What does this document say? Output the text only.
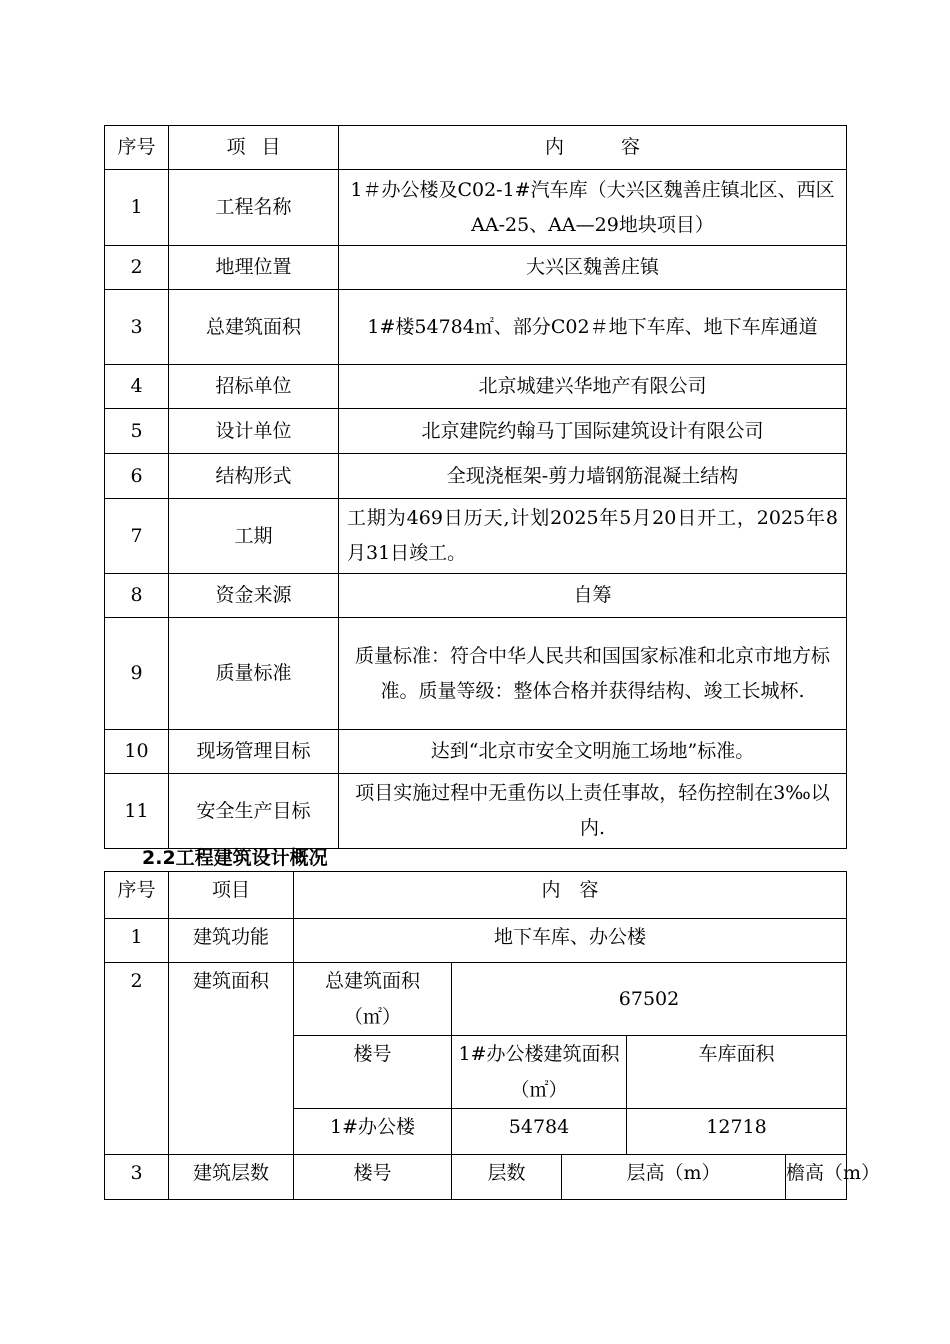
序号	项 目	内　　　容
1	工程名称	1＃办公楼及C02-1#汽车库（大兴区魏善庄镇北区、西区AA-25、AA—29地块项目）
2	地理位置	大兴区魏善庄镇
3	总建筑面积	1#楼54784㎡、部分C02＃地下车库、地下车库通道
4	招标单位	北京城建兴华地产有限公司
5	设计单位	北京建院约翰马丁国际建筑设计有限公司
6	结构形式	全现浇框架-剪力墙钢筋混凝土结构
7	工期	工期为469日历天,计划2025年5月20日开工，2025年8月31日竣工。
8	资金来源	自筹
9	质量标准	质量标准：符合中华人民共和国国家标准和北京市地方标准。质量等级：整体合格并获得结构、竣工长城杯.
10	现场管理目标	达到“北京市安全文明施工场地”标准。
11	安全生产目标	项目实施过程中无重伤以上责任事故，轻伤控制在3‰以内.
2.2工程建筑设计概况
序号	项目	内　容				
1	建筑功能	地下车库、办公楼				
2	建筑面积	总建筑面积（㎡）	67502			
		楼号	1#办公楼建筑面积（㎡）		车库面积	
		1#办公楼	54784		12718	
3	建筑层数	楼号	层数	层高（m）		檐高（m）
